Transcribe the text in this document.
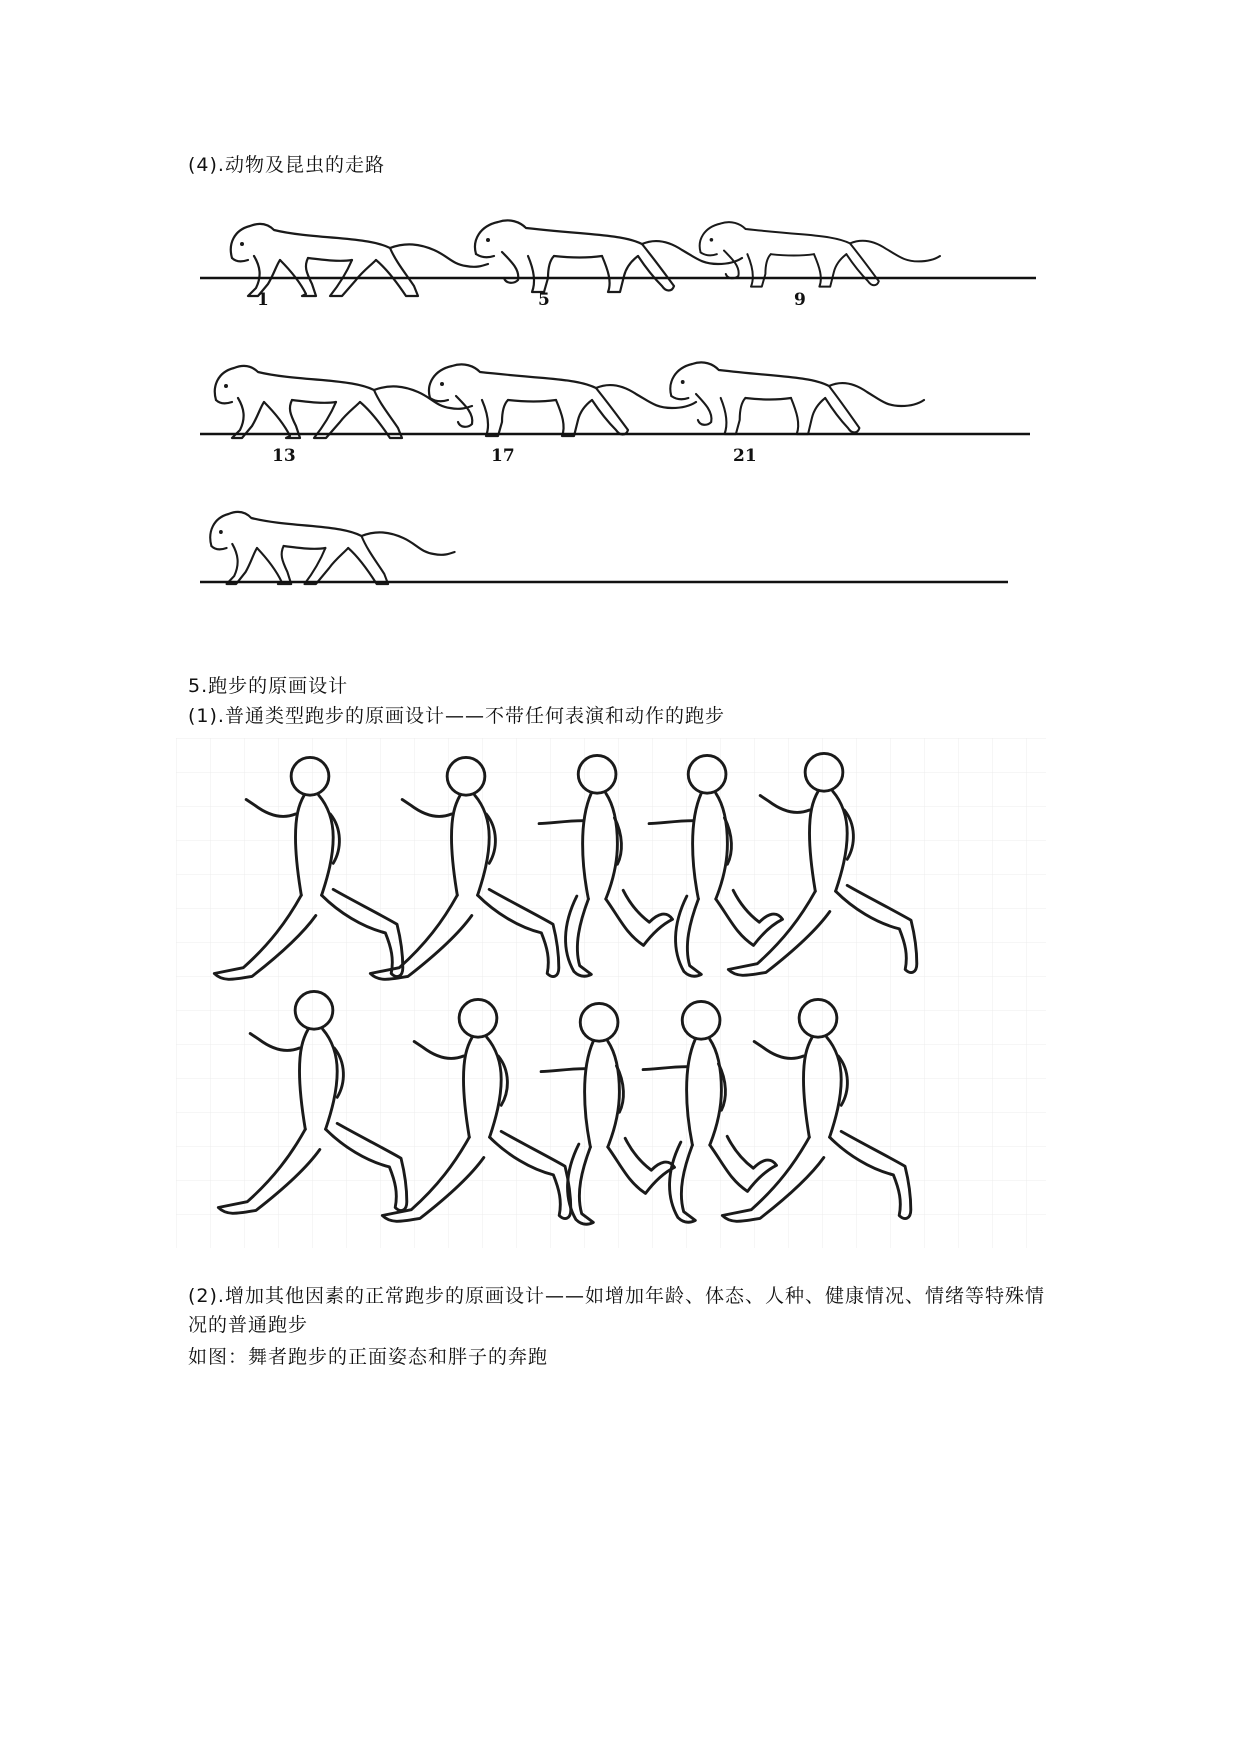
(4).动物及昆虫的走路
1	5	9
13	17	21
5.跑步的原画设计
(1).普通类型跑步的原画设计——不带任何表演和动作的跑步
(2).增加其他因素的正常跑步的原画设计——如增加年龄、体态、人种、健康情况、情绪等特殊情况的普通跑步
如图：舞者跑步的正面姿态和胖子的奔跑
